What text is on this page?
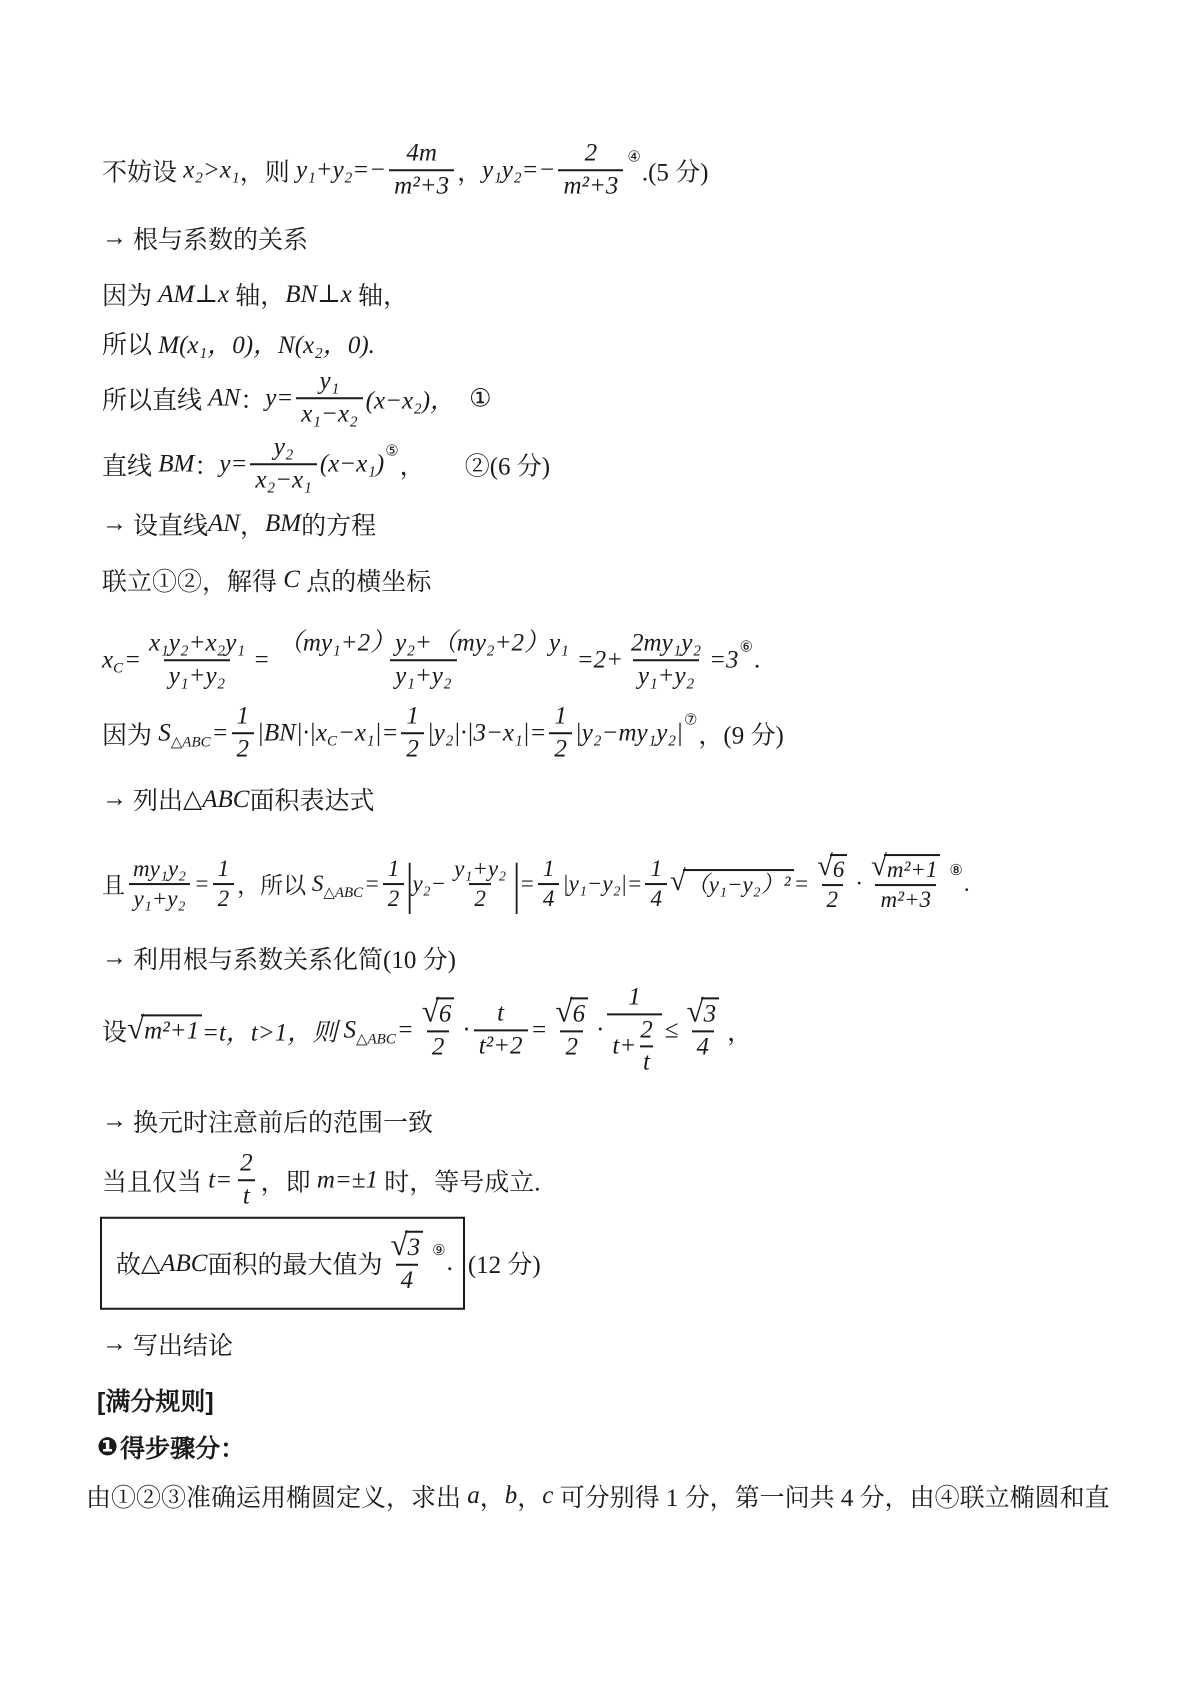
不妨设 x₂>x₁ ，则 $y_1+y_2=- \frac{4m}{\text{m²+3}}$ ， $y_1y_2=- \frac{2}{\text{m²+3}}$ ④
.(5 分)
→ 根与系数的关系
因为 AM⊥x 轴， BN⊥x 轴，
所以 M(x₁，0)，N(x₂，0).
所以直线 AN ： $y= \frac{\text{y₁}}{\text{x₁−x₂}} (x-x_2)$， ①
直线 BM ： $y= \frac{\text{y₂}}{\text{x₂−x₁}} (x-x_1)$ ⑤
， ②(6 分)
→ 设直线 AN ， BM 的方程
联立①②，解得 C 点的横坐标
x $C = \frac{\text{x₁y₂+x₂y₁}}{\text{y₁+y₂}} = \frac{\text{（my₁+2）y₂+（my₂+2）y₁}}{\text{y₁+y₂}} =2+ \frac{\text{2my₁y₂}}{\text{y₁+y₂}} =3$ ⑥ .
因为 S △ABC = $\frac{1}{2} |BN|\cdot|x$ $C -x_1|= \frac{1}{2} |y_2|\cdot|3-x_1|= \frac{1}{2} |y_2-my_1y_2|$ ⑦
，(9 分)
→ 列出 △ABC 面积表达式
且 $\frac{\text{my₁y₂}}{\text{y₁+y₂}} = \frac{1}{2}$ ，所以 S △ABC = $\frac{1}{2}$ |
$y_2- \frac{\text{y₁+y₂}}{2}$ |
= $\frac{1}{4} |y_1-y_2|= \frac{1}{4}$ √ $(y_1-y_2)^2 = \frac{√ 6}{2} \cdot \frac{\text{√ m²+1}}{\text{m²+3}}$ ⑧ .
→ 利用根与系数关系化简(10 分)
设 √ m²+1 =t，t>1，则 S △ABC = $\frac{√ 6}{2} \cdot \frac{t}{\text{t²+2}} = \frac{√ 6}{2} \cdot \frac{1}{t+ \frac{2}{t}} \le \frac{√ 3}{4}$ ，
→ 换元时注意前后的范围一致
当且仅当 $t= \frac{2}{t}$ ，即 m=±1 时，等号成立.
故 △ABC 面积的最大值为 $\frac{√ 3}{4}$ ⑨ . (12 分)
→ 写出结论
[满分规则]
❶ 得步骤分：
由①②③准确运用椭圆定义，求出 a ， b ， c 可分别得 1 分，第一问共 4 分，由④联立椭圆和直
